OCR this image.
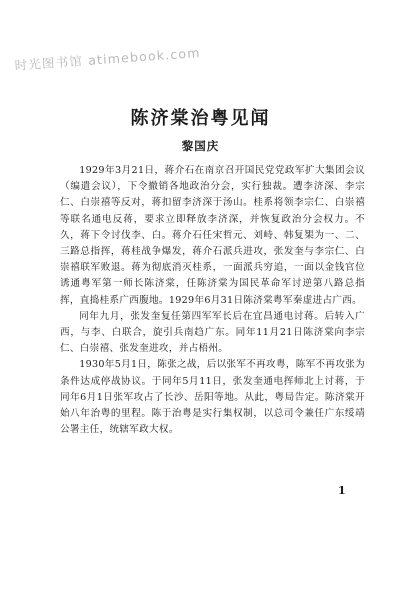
时光图书馆 atimebook.com
陈济棠治粤见闻
黎国庆

1929年3月21日，蒋介石在南京召开国民党党政军扩大集团会议（编遣会议），下令撤销各地政治分会，实行独裁。遭李济深、李宗仁、白崇禧等反对，蒋扣留李济深于汤山。桂系将领李宗仁、白崇禧等联名通电反蒋，要求立即释放李济深，并恢复政治分会权力。不久，蒋下令讨伐李、白。蒋介石任宋哲元、刘峙、韩复榘为一、二、三路总指挥，蒋桂战争爆发，蒋介石派兵进攻，张发奎与李宗仁、白崇禧联军败退。蒋为彻底消灭桂系，一面派兵穷追，一面以金钱官位诱通粤军第一师长陈济棠，任陈济棠为国民革命军讨逆第八路总指挥，直捣桂系广西腹地。1929年6月31日陈济棠粤军秦虚进占广西。

同年九月，张发奎复任第四军军长后在宜昌通电讨蒋。后转入广西，与李、白联合，旋引兵南趋广东。同年11月21日陈济棠向李宗仁、白崇禧、张发奎进攻，并占梧州。

1930年5月1日，陈张之战，后以张军不再攻粤，陈军不再攻张为条件达成停战协议。于同年5月11日，张发奎通电挥师北上讨蒋，于同年6月1日张军攻占了长沙、岳阳等地。从此，粤局告定。陈济棠开始八年治粤的里程。陈于治粤是实行集权制，以总司令兼任广东绥靖公署主任，统辖军政大权。

1
